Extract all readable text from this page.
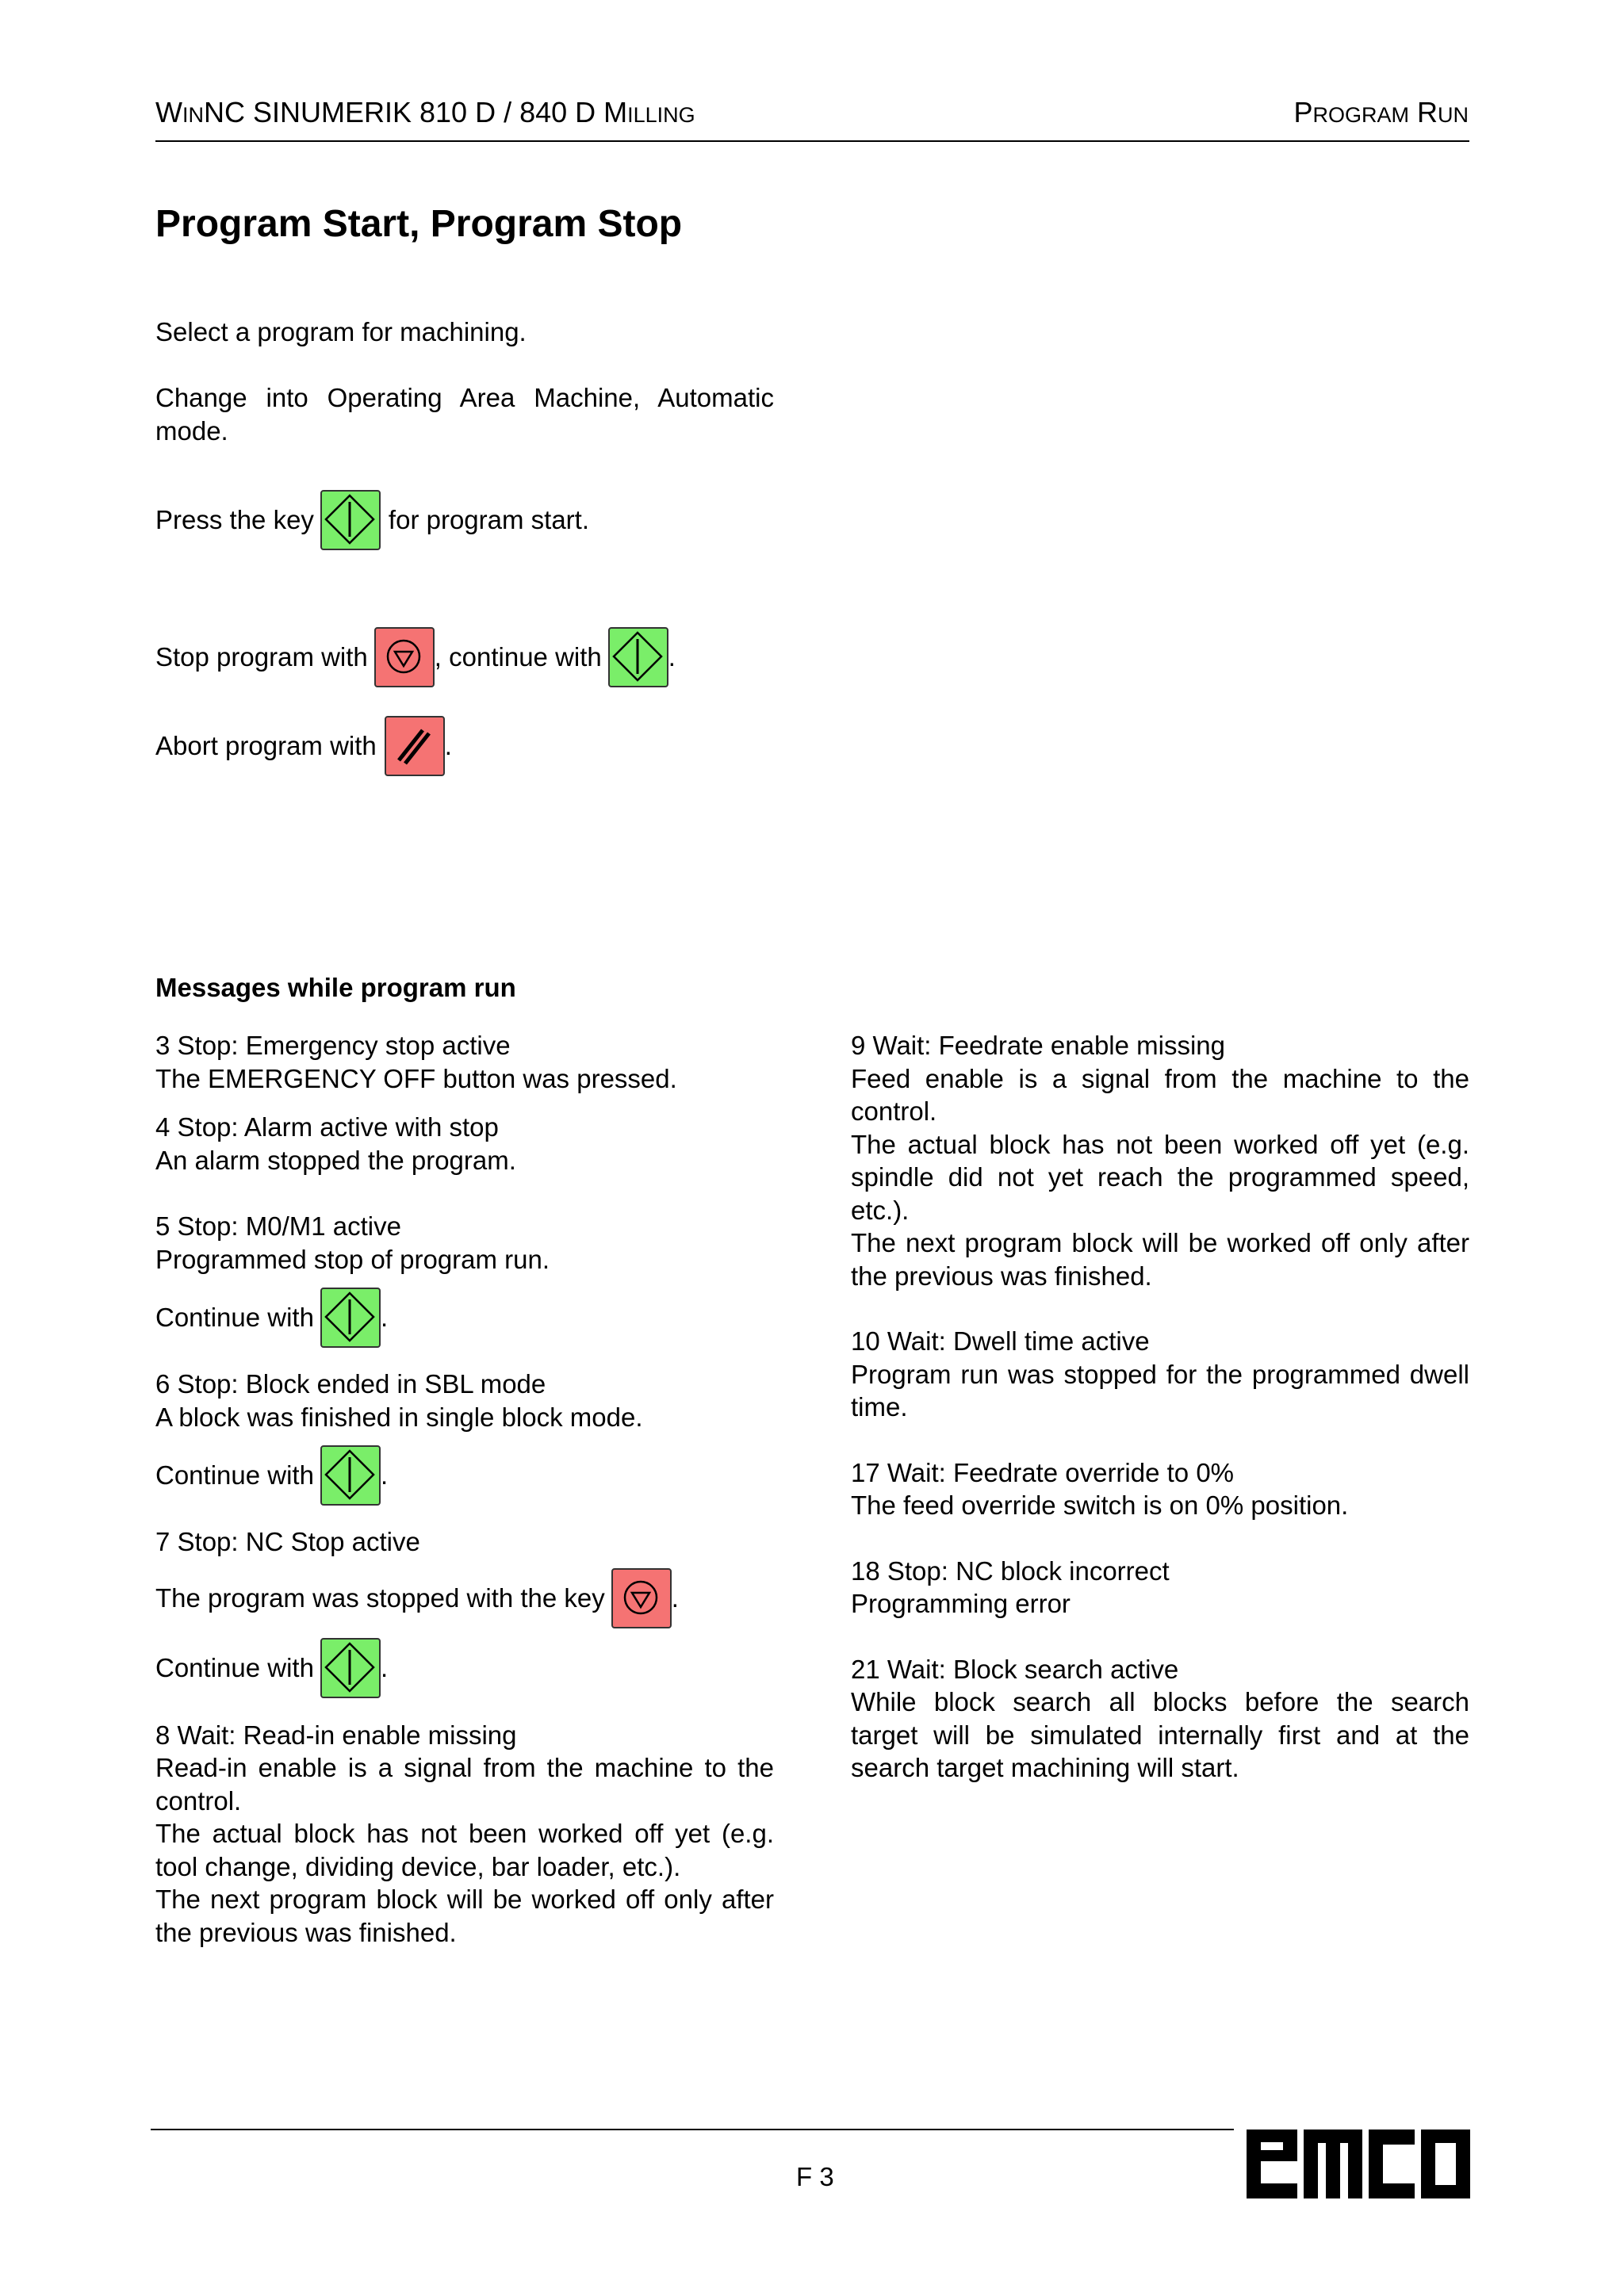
WINNC SINUMERIK 810 D / 840 D MILLING	PROGRAM RUN
Program Start, Program Stop
Select a program for machining.
Change into Operating Area Machine, Automatic mode.
Press the key	for program start.
Stop program with	, continue with	.
Abort program with	.
Messages while program run

3 Stop: Emergency stop active

The EMERGENCY OFF button was pressed.

4 Stop: Alarm active with stop

An alarm stopped the program.

5 Stop: M0/M1 active

Programmed stop of program run.

Continue with	.

6 Stop: Block ended in SBL mode

A block was finished in single block mode.

Continue with	.

7 Stop: NC Stop active

The program was stopped with the key	.
Continue with	.

8 Wait: Read-in enable missing

Read-in enable is a signal from the machine to the control.

The actual block has not been worked off yet (e.g. tool change, dividing device, bar loader, etc.).

The next program block will be worked off only after the previous was finished.

9 Wait: Feedrate enable missing

Feed enable is a signal from the machine to the control.

The actual block has not been worked off yet (e.g. spindle did not yet reach the programmed speed, etc.).

The next program block will be worked off only after the previous was finished.

10 Wait: Dwell time active

Program run was stopped for the programmed dwell time.

17 Wait: Feedrate override to 0%

The feed override switch is on 0% position.

18 Stop: NC block incorrect

Programming error

21 Wait: Block search active

While block search all blocks before the search target will be simulated internally first and at the search target machining will start.

F 3
